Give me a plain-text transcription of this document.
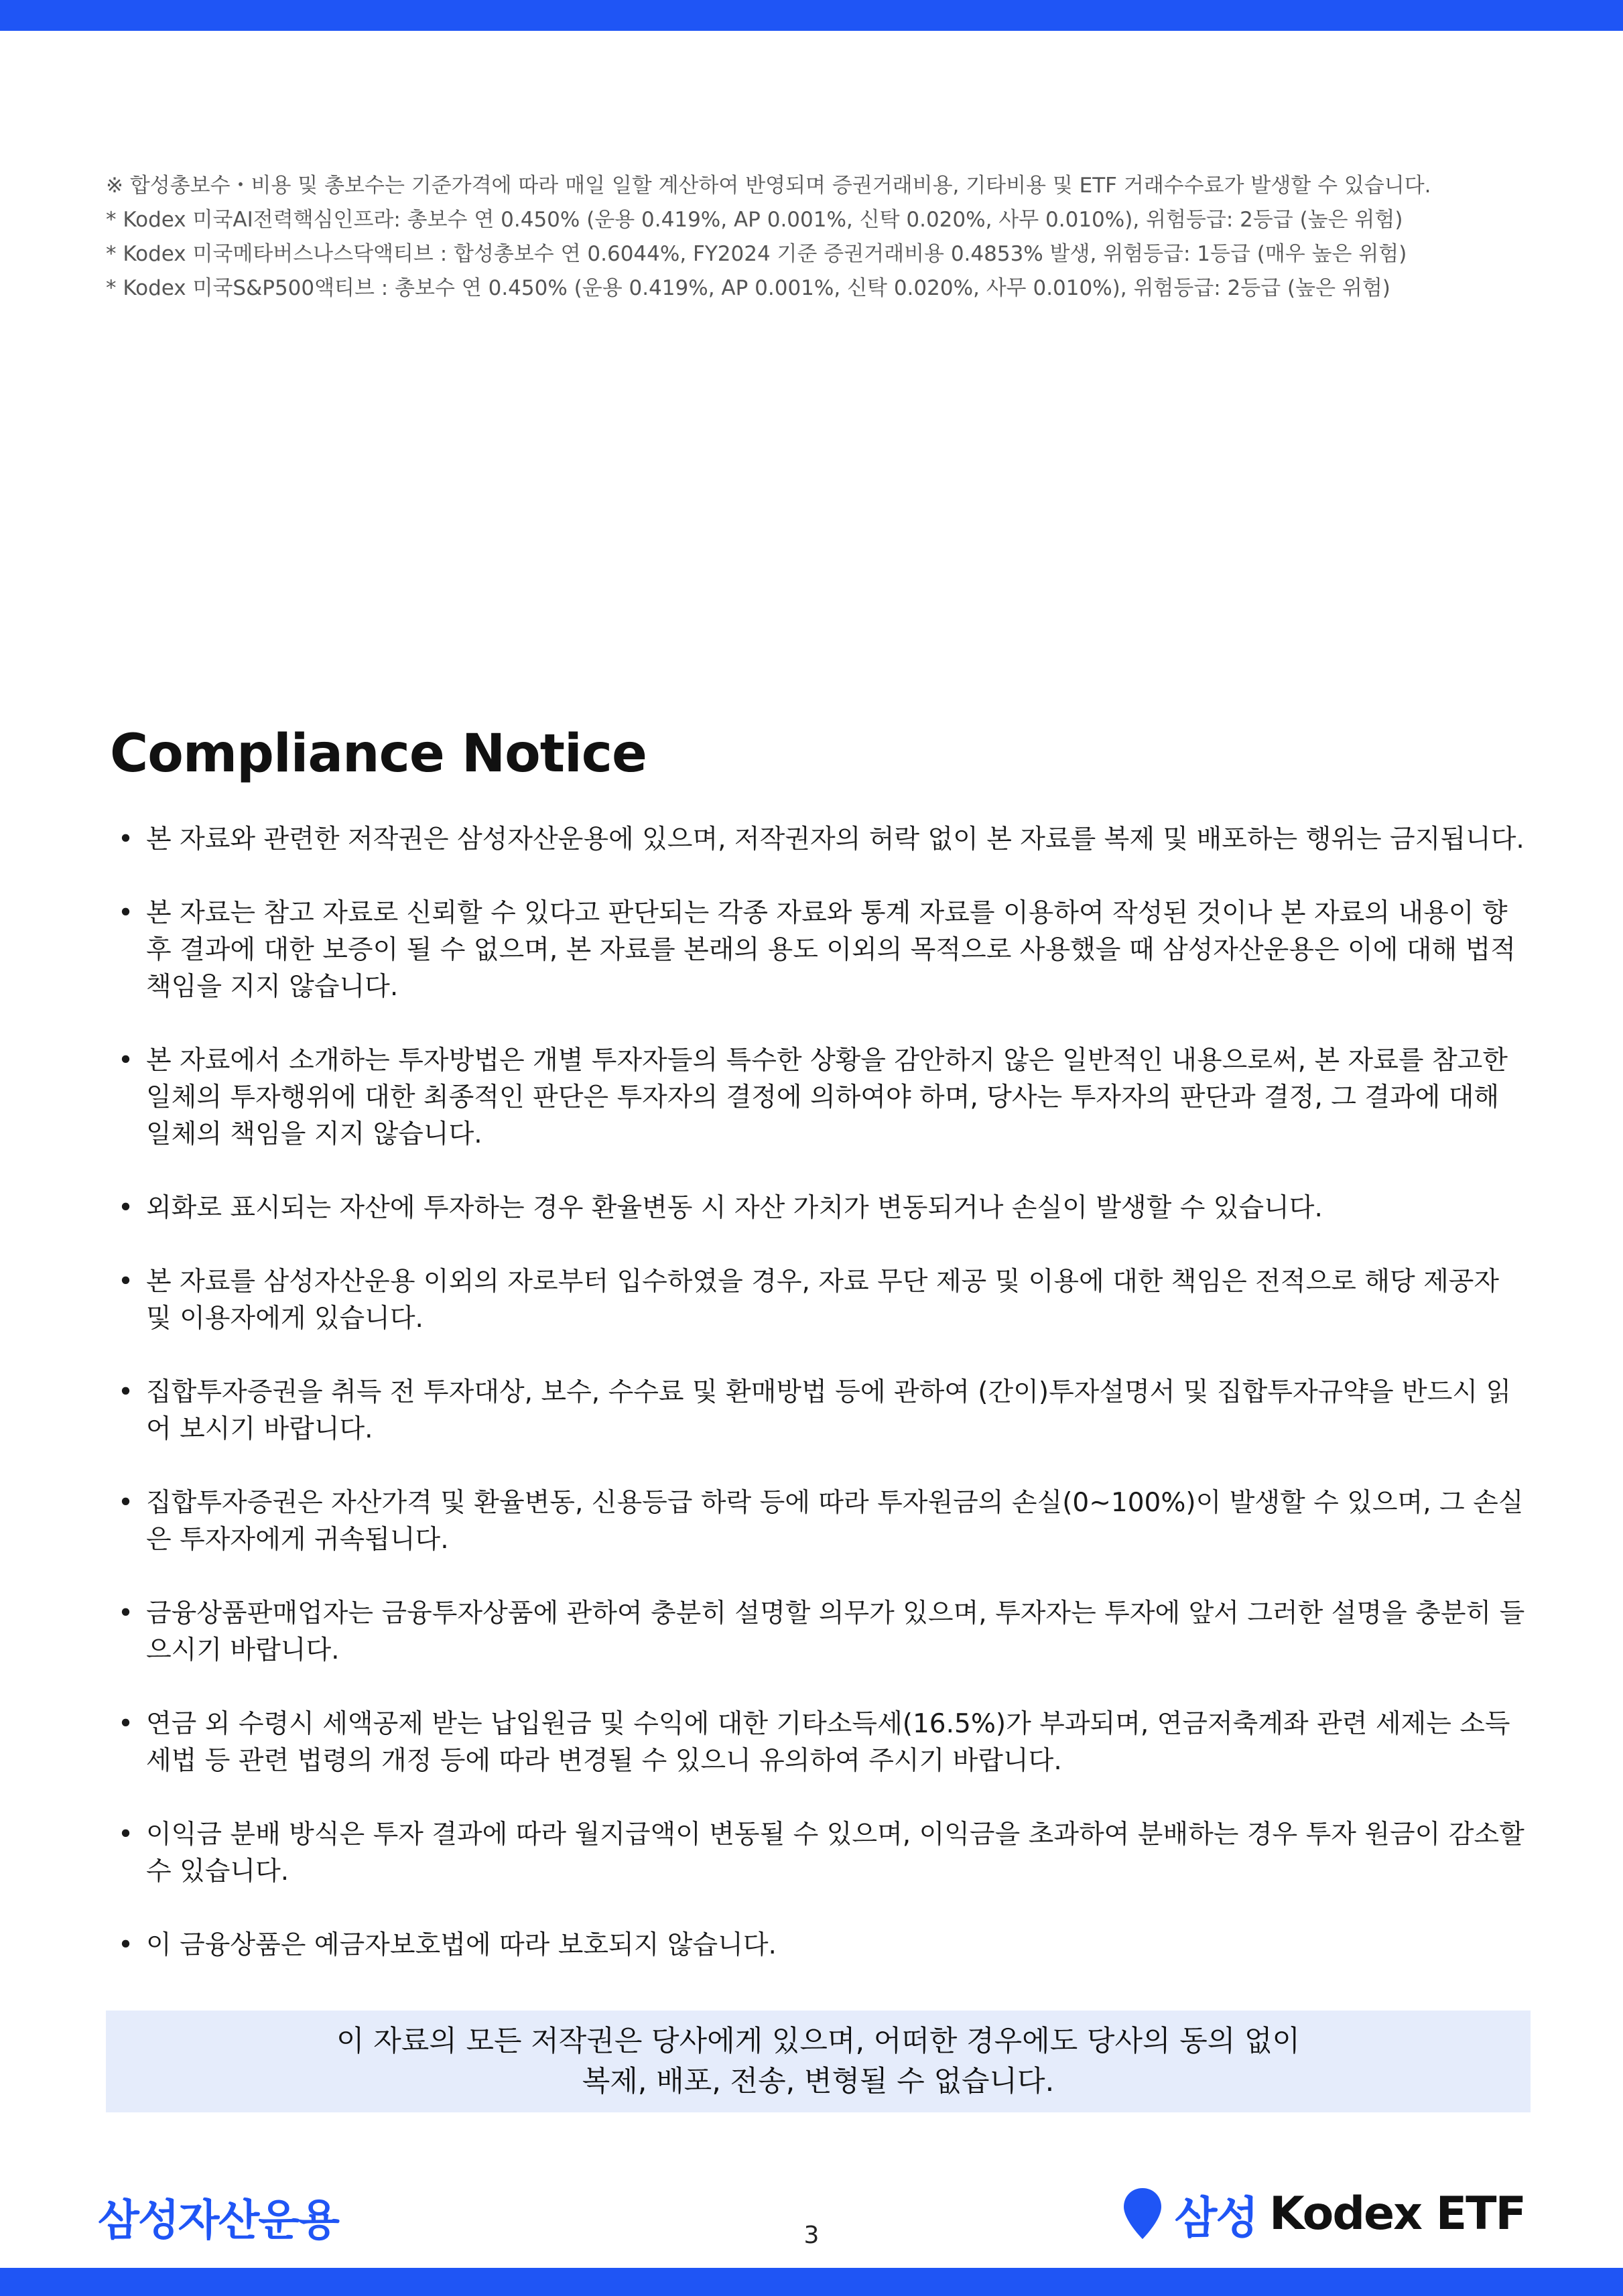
※ 합성총보수・비용 및 총보수는 기준가격에 따라 매일 일할 계산하여 반영되며 증권거래비용, 기타비용 및 ETF 거래수수료가 발생할 수 있습니다.
* Kodex 미국AI전력핵심인프라: 총보수 연 0.450% (운용 0.419%, AP 0.001%, 신탁 0.020%, 사무 0.010%), 위험등급: 2등급 (높은 위험)
* Kodex 미국메타버스나스닥액티브 : 합성총보수 연 0.6044%, FY2024 기준 증권거래비용 0.4853% 발생, 위험등급: 1등급 (매우 높은 위험)
* Kodex 미국S&P500액티브 : 총보수 연 0.450% (운용 0.419%, AP 0.001%, 신탁 0.020%, 사무 0.010%), 위험등급: 2등급 (높은 위험)
Compliance Notice
• 본 자료와 관련한 저작권은 삼성자산운용에 있으며, 저작권자의 허락 없이 본 자료를 복제 및 배포하는 행위는 금지됩니다.
• 본 자료는 참고 자료로 신뢰할 수 있다고 판단되는 각종 자료와 통계 자료를 이용하여 작성된 것이나 본 자료의 내용이 향후 결과에 대한 보증이 될 수 없으며, 본 자료를 본래의 용도 이외의 목적으로 사용했을 때 삼성자산운용은 이에 대해 법적 책임을 지지 않습니다.
• 본 자료에서 소개하는 투자방법은 개별 투자자들의 특수한 상황을 감안하지 않은 일반적인 내용으로써, 본 자료를 참고한 일체의 투자행위에 대한 최종적인 판단은 투자자의 결정에 의하여야 하며, 당사는 투자자의 판단과 결정, 그 결과에 대해 일체의 책임을 지지 않습니다.
• 외화로 표시되는 자산에 투자하는 경우 환율변동 시 자산 가치가 변동되거나 손실이 발생할 수 있습니다.
• 본 자료를 삼성자산운용 이외의 자로부터 입수하였을 경우, 자료 무단 제공 및 이용에 대한 책임은 전적으로 해당 제공자 및 이용자에게 있습니다.
• 집합투자증권을 취득 전 투자대상, 보수, 수수료 및 환매방법 등에 관하여 (간이)투자설명서 및 집합투자규약을 반드시 읽어 보시기 바랍니다.
• 집합투자증권은 자산가격 및 환율변동, 신용등급 하락 등에 따라 투자원금의 손실(0~100%)이 발생할 수 있으며, 그 손실은 투자자에게 귀속됩니다.
• 금융상품판매업자는 금융투자상품에 관하여 충분히 설명할 의무가 있으며, 투자자는 투자에 앞서 그러한 설명을 충분히 들으시기 바랍니다.
• 연금 외 수령시 세액공제 받는 납입원금 및 수익에 대한 기타소득세(16.5%)가 부과되며, 연금저축계좌 관련 세제는 소득세법 등 관련 법령의 개정 등에 따라 변경될 수 있으니 유의하여 주시기 바랍니다.
• 이익금 분배 방식은 투자 결과에 따라 월지급액이 변동될 수 있으며, 이익금을 초과하여 분배하는 경우 투자 원금이 감소할 수 있습니다.
• 이 금융상품은 예금자보호법에 따라 보호되지 않습니다.
이 자료의 모든 저작권은 당사에게 있으며, 어떠한 경우에도 당사의 동의 없이
복제, 배포, 전송, 변형될 수 없습니다.
삼성자산운용	3	삼성 Kodex ETF
